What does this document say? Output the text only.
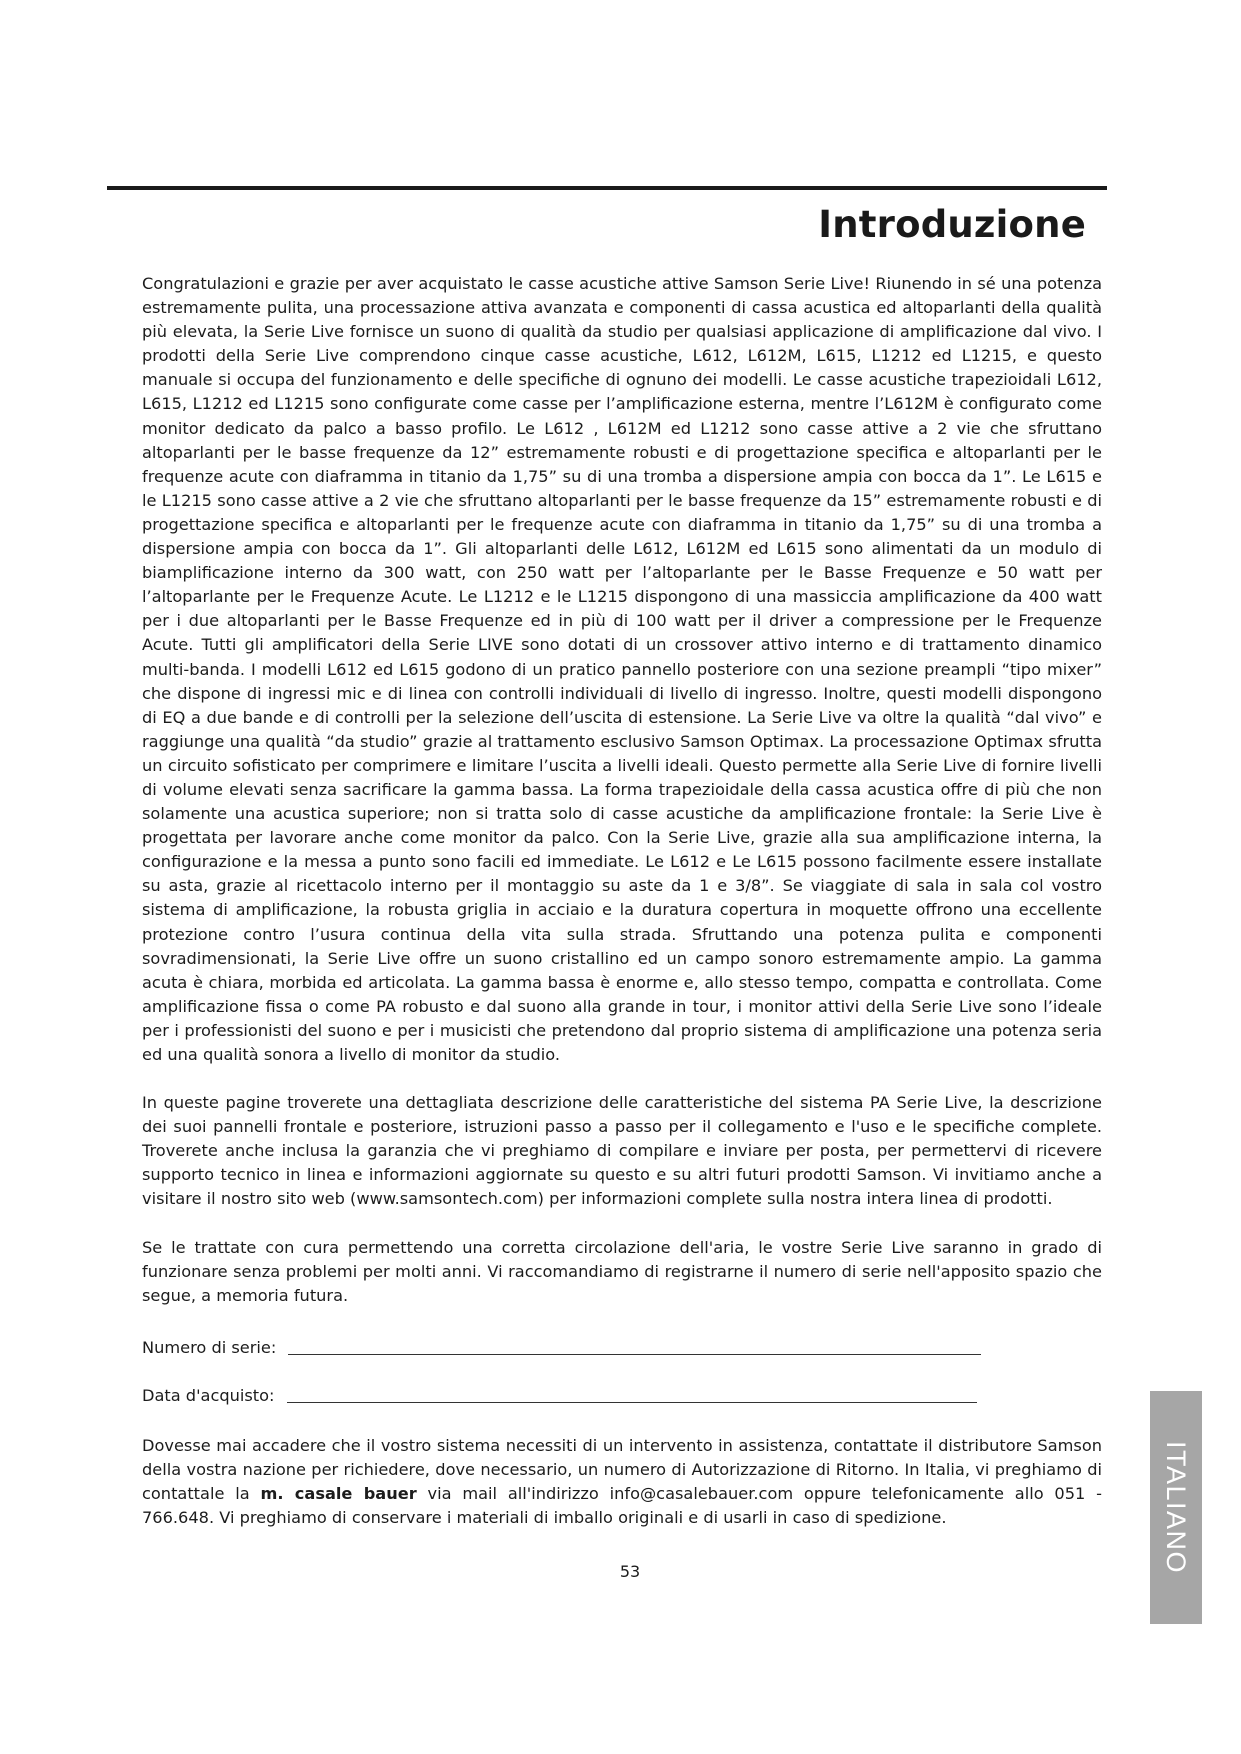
Introduzione

Congratulazioni e grazie per aver acquistato le casse acustiche attive Samson Serie Live! Riunendo in sé una potenza estremamente pulita, una processazione attiva avanzata e componenti di cassa acustica ed altoparlanti della qualità più elevata, la Serie Live fornisce un suono di qualità da studio per qualsiasi applicazione di amplificazione dal vivo. I prodotti della Serie Live comprendono cinque casse acustiche, L612, L612M, L615, L1212 ed L1215, e questo manuale si occupa del funzionamento e delle specifiche di ognuno dei modelli. Le casse acustiche trapezioidali L612, L615, L1212 ed L1215 sono configurate come casse per l’amplificazione esterna, mentre l’L612M è configurato come monitor dedicato da palco a basso profilo. Le L612 , L612M ed L1212 sono casse attive a 2 vie che sfruttano altoparlanti per le basse frequenze da 12” estremamente robusti e di progettazione specifica e altoparlanti per le frequenze acute con diaframma in titanio da 1,75” su di una tromba a dispersione ampia con bocca da 1”. Le L615 e le L1215 sono casse attive a 2 vie che sfruttano altoparlanti per le basse frequenze da 15” estremamente robusti e di progettazione specifica e altoparlanti per le frequenze acute con diaframma in titanio da 1,75” su di una tromba a dispersione ampia con bocca da 1”. Gli altoparlanti delle L612, L612M ed L615 sono alimentati da un modulo di biamplificazione interno da 300 watt, con 250 watt per l’altoparlante per le Basse Frequenze e 50 watt per l’altoparlante per le Frequenze Acute. Le L1212 e le L1215 dispongono di una massiccia amplificazione da 400 watt per i due altoparlanti per le Basse Frequenze ed in più di 100 watt per il driver a compressione per le Frequenze Acute. Tutti gli amplificatori della Serie LIVE sono dotati di un crossover attivo interno e di trattamento dinamico multi-banda. I modelli L612 ed L615 godono di un pratico pannello posteriore con una sezione preampli “tipo mixer” che dispone di ingressi mic e di linea con controlli individuali di livello di ingresso. Inoltre, questi modelli dispongono di EQ a due bande e di controlli per la selezione dell’uscita di estensione. La Serie Live va oltre la qualità “dal vivo” e raggiunge una qualità “da studio” grazie al trattamento esclusivo Samson Optimax. La processazione Optimax sfrutta un circuito sofisticato per comprimere e limitare l’uscita a livelli ideali. Questo permette alla Serie Live di fornire livelli di volume elevati senza sacrificare la gamma bassa. La forma trapezioidale della cassa acustica offre di più che non solamente una acustica superiore; non si tratta solo di casse acustiche da amplificazione frontale: la Serie Live è progettata per lavorare anche come monitor da palco. Con la Serie Live, grazie alla sua amplificazione interna, la configurazione e la messa a punto sono facili ed immediate. Le L612 e Le L615 possono facilmente essere installate su asta, grazie al ricettacolo interno per il montaggio su aste da 1 e 3/8”. Se viaggiate di sala in sala col vostro sistema di amplificazione, la robusta griglia in acciaio e la duratura copertura in moquette offrono una eccellente protezione contro l’usura continua della vita sulla strada. Sfruttando una potenza pulita e componenti sovradimensionati, la Serie Live offre un suono cristallino ed un campo sonoro estremamente ampio. La gamma acuta è chiara, morbida ed articolata. La gamma bassa è enorme e, allo stesso tempo, compatta e controllata. Come amplificazione fissa o come PA robusto e dal suono alla grande in tour, i monitor attivi della Serie Live sono l’ideale per i professionisti del suono e per i musicisti che pretendono dal proprio sistema di amplificazione una potenza seria ed una qualità sonora a livello di monitor da studio.

In queste pagine troverete una dettagliata descrizione delle caratteristiche del sistema PA Serie Live, la descrizione dei suoi pannelli frontale e posteriore, istruzioni passo a passo per il collegamento e l'uso e le specifiche complete. Troverete anche inclusa la garanzia che vi preghiamo di compilare e inviare per posta, per permettervi di ricevere supporto tecnico in linea e informazioni aggiornate su questo e su altri futuri prodotti Samson. Vi invitiamo anche a visitare il nostro sito web (www.samsontech.com) per informazioni complete sulla nostra intera linea di prodotti.

Se le trattate con cura permettendo una corretta circolazione dell'aria, le vostre Serie Live saranno in grado di funzionare senza problemi per molti anni. Vi raccomandiamo di registrarne il numero di serie nell'apposito spazio che segue, a memoria futura.

Numero di serie:
Data d'acquisto:

Dovesse mai accadere che il vostro sistema necessiti di un intervento in assistenza, contattate il distributore Samson della vostra nazione per richiedere, dove necessario, un numero di Autorizzazione di Ritorno. In Italia, vi preghiamo di contattale la m. casale bauer via mail all'indirizzo info@casalebauer.com oppure telefonicamente allo 051 - 766.648. Vi preghiamo di conservare i materiali di imballo originali e di usarli in caso di spedizione.

53	ITALIANO
